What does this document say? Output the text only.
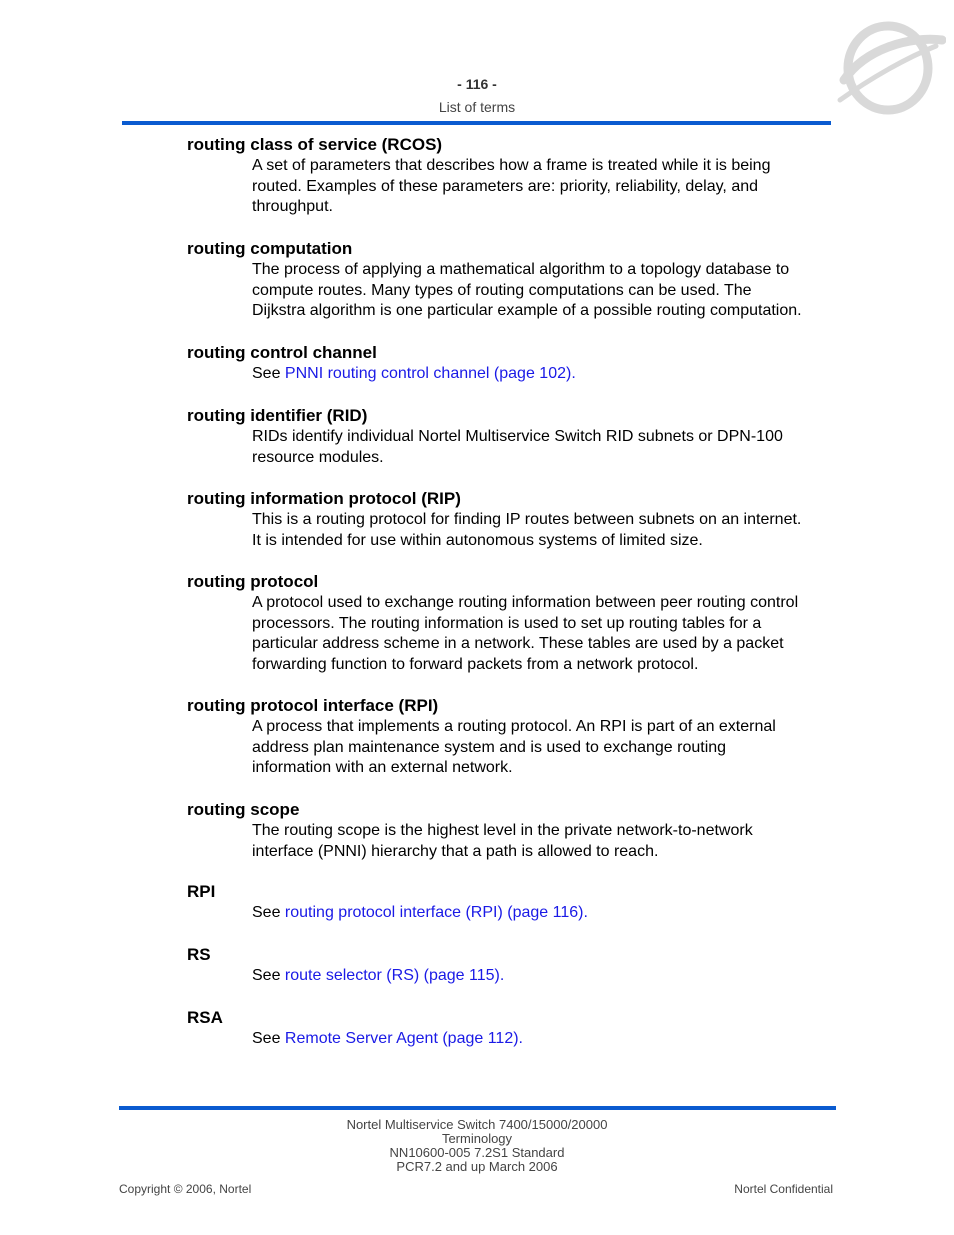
- 116 -
List of terms
routing class of service (RCOS)
A set of parameters that describes how a frame is treated while it is being
routed. Examples of these parameters are: priority, reliability, delay, and
throughput.
routing computation
The process of applying a mathematical algorithm to a topology database to
compute routes. Many types of routing computations can be used. The
Dijkstra algorithm is one particular example of a possible routing computation.
routing control channel
See PNNI routing control channel (page 102).
routing identifier (RID)
RIDs identify individual Nortel Multiservice Switch RID subnets or DPN-100
resource modules.
routing information protocol (RIP)
This is a routing protocol for finding IP routes between subnets on an internet.
It is intended for use within autonomous systems of limited size.
routing protocol
A protocol used to exchange routing information between peer routing control
processors. The routing information is used to set up routing tables for a
particular address scheme in a network. These tables are used by a packet
forwarding function to forward packets from a network protocol.
routing protocol interface (RPI)
A process that implements a routing protocol. An RPI is part of an external
address plan maintenance system and is used to exchange routing
information with an external network.
routing scope
The routing scope is the highest level in the private network-to-network
interface (PNNI) hierarchy that a path is allowed to reach.
RPI
See routing protocol interface (RPI) (page 116).
RS
See route selector (RS) (page 115).
RSA
See Remote Server Agent (page 112).
Nortel Multiservice Switch 7400/15000/20000
Terminology
NN10600-005 7.2S1 Standard
PCR7.2 and up March 2006
Copyright © 2006, Nortel	Nortel Confidential
